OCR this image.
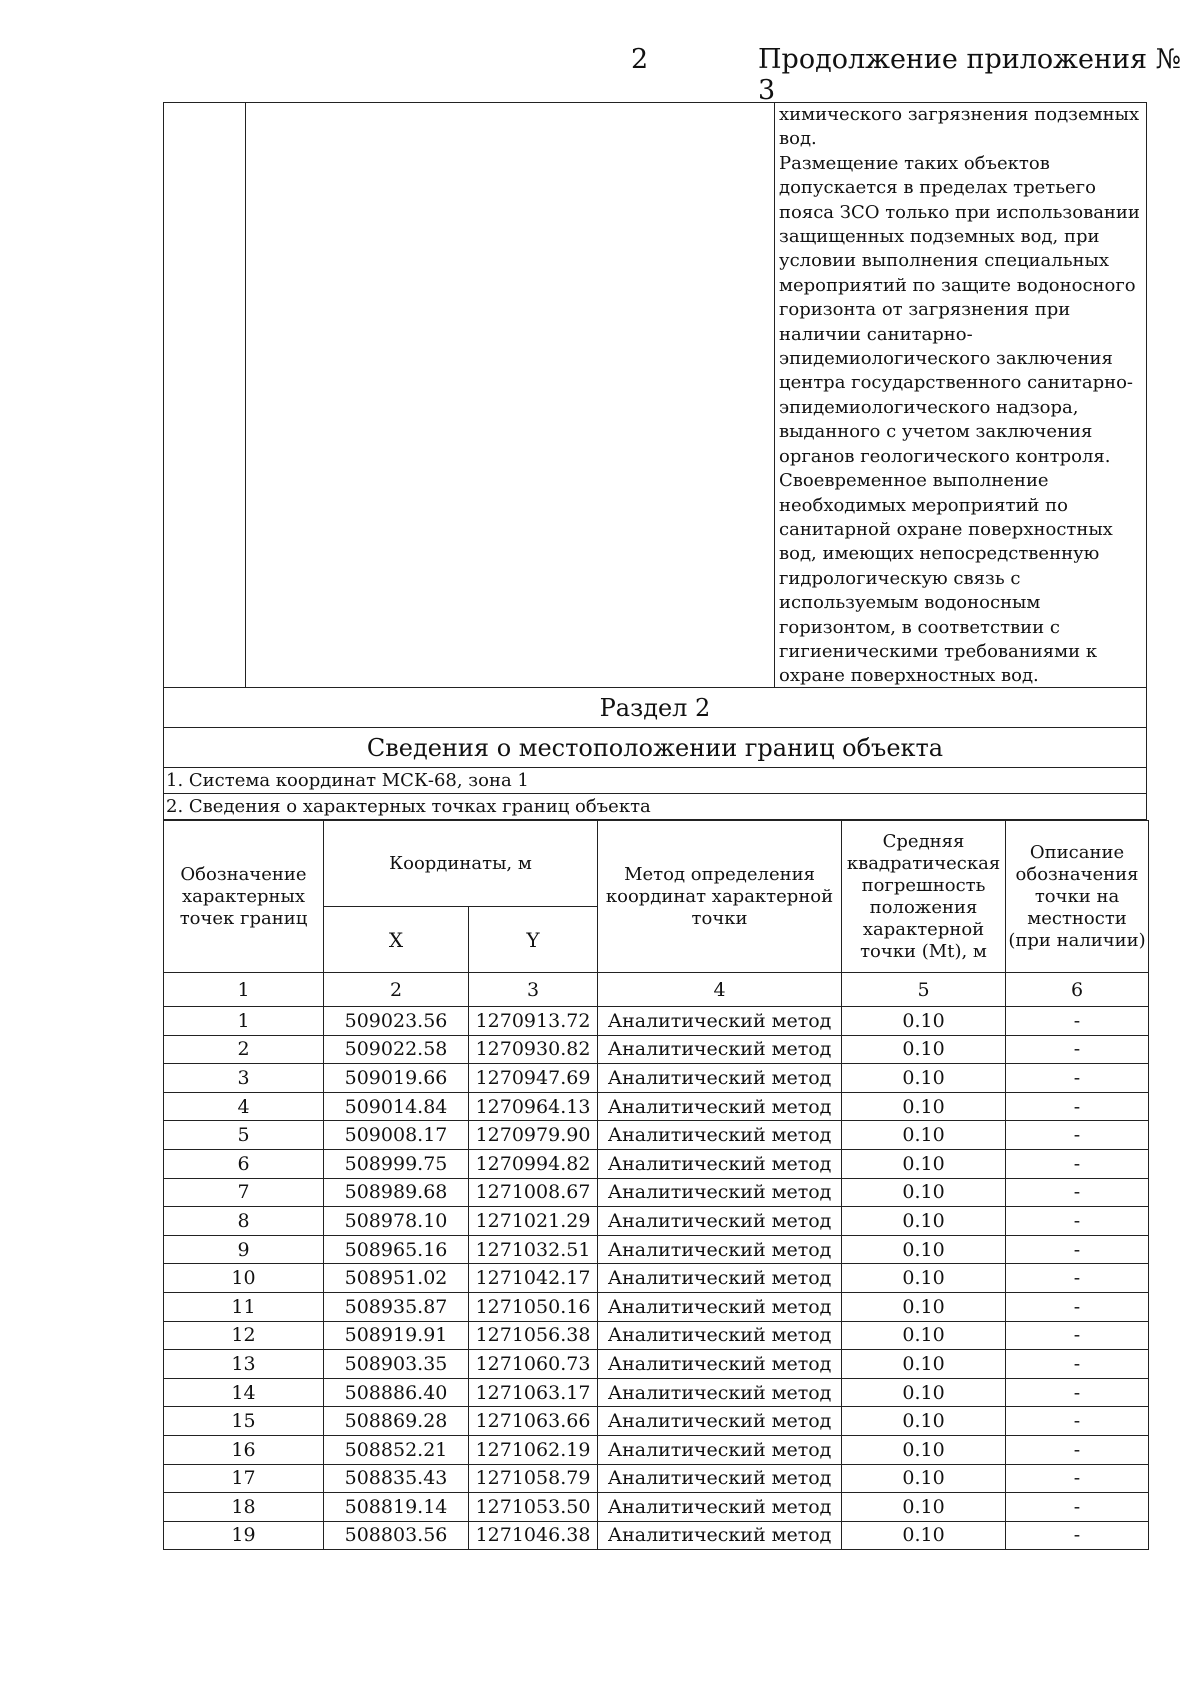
2	Продолжение приложения № 3

химического загрязнения подземных вод.

Размещение таких объектов допускается в пределах третьего пояса ЗСО только при использовании защищенных подземных вод, при условии выполнения специальных мероприятий по защите водоносного горизонта от загрязнения при наличии санитарно-эпидемиологического заключения центра государственного санитарно-эпидемиологического надзора, выданного с учетом заключения органов геологического контроля.

Своевременное выполнение необходимых мероприятий по санитарной охране поверхностных вод, имеющих непосредственную гидрологическую связь с используемым водоносным горизонтом, в соответствии с гигиеническими требованиями к охране поверхностных вод.

Раздел 2
Сведения о местоположении границ объекта
1. Система координат МСК-68, зона 1
2. Сведения о характерных точках границ объекта
Обозначение характерных точек границ	Координаты, м		Метод определения координат характерной точки	Средняя квадратическая погрешность положения характерной точки (Mt), м	Описание обозначения точки на местности (при наличии)
	X	Y			
1	2	3	4	5	6
1	509023.56	1270913.72	Аналитический метод	0.10	-
2	509022.58	1270930.82	Аналитический метод	0.10	-
3	509019.66	1270947.69	Аналитический метод	0.10	-
4	509014.84	1270964.13	Аналитический метод	0.10	-
5	509008.17	1270979.90	Аналитический метод	0.10	-
6	508999.75	1270994.82	Аналитический метод	0.10	-
7	508989.68	1271008.67	Аналитический метод	0.10	-
8	508978.10	1271021.29	Аналитический метод	0.10	-
9	508965.16	1271032.51	Аналитический метод	0.10	-
10	508951.02	1271042.17	Аналитический метод	0.10	-
11	508935.87	1271050.16	Аналитический метод	0.10	-
12	508919.91	1271056.38	Аналитический метод	0.10	-
13	508903.35	1271060.73	Аналитический метод	0.10	-
14	508886.40	1271063.17	Аналитический метод	0.10	-
15	508869.28	1271063.66	Аналитический метод	0.10	-
16	508852.21	1271062.19	Аналитический метод	0.10	-
17	508835.43	1271058.79	Аналитический метод	0.10	-
18	508819.14	1271053.50	Аналитический метод	0.10	-
19	508803.56	1271046.38	Аналитический метод	0.10	-
